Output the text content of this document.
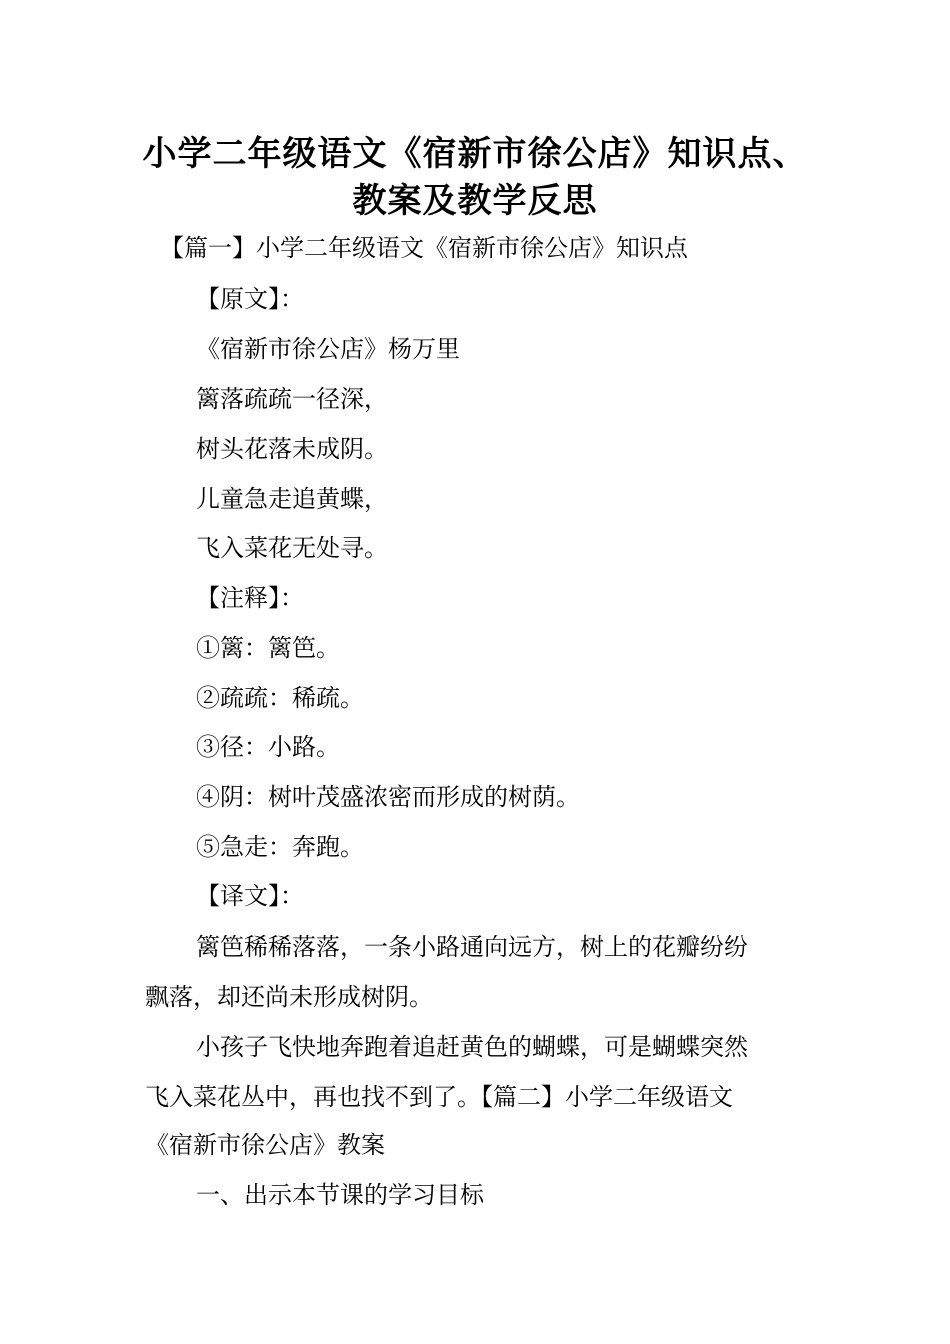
小学二年级语文《宿新市徐公店》知识点、
教案及教学反思
【篇一】小学二年级语文《宿新市徐公店》知识点
【原文】：
《宿新市徐公店》杨万里
篱落疏疏一径深，
树头花落未成阴。
儿童急走追黄蝶，
飞入菜花无处寻。
【注释】：
①篱：篱笆。
②疏疏：稀疏。
③径：小路。
④阴：树叶茂盛浓密而形成的树荫。
⑤急走：奔跑。
【译文】：
篱笆稀稀落落，一条小路通向远方，树上的花瓣纷纷
飘落，却还尚未形成树阴。
小孩子飞快地奔跑着追赶黄色的蝴蝶，可是蝴蝶突然
飞入菜花丛中，再也找不到了。【篇二】小学二年级语文
《宿新市徐公店》教案
一、出示本节课的学习目标
